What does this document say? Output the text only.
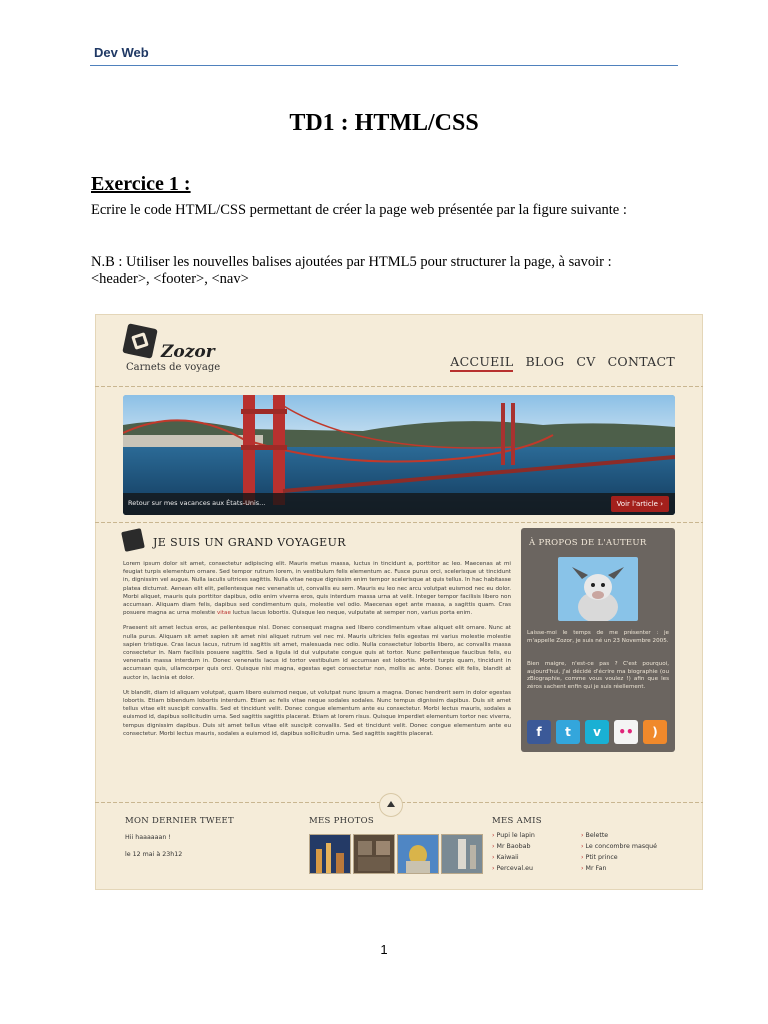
Dev Web
TD1 : HTML/CSS
Exercice 1 :

Ecrire le code HTML/CSS permettant de créer la page web présentée par la figure suivante :

N.B : Utiliser les nouvelles balises ajoutées par HTML5 pour structurer la page, à savoir : <header>, <footer>, <nav>

Zozor
Carnets de voyage	ACCUEIL BLOG CV CONTACT
Retour sur mes vacances aux États-Unis...	Voir l'article ›
JE SUIS UN GRAND VOYAGEUR

Lorem ipsum dolor sit amet, consectetur adipiscing elit. Mauris metus massa, luctus in tincidunt a, porttitor ac leo. Maecenas at mi feugiat turpis elementum ornare. Sed tempor rutrum lorem, in vestibulum felis elementum ac. Fusce purus orci, scelerisque ut tincidunt in, dignissim vel augue. Nulla iaculis ultrices sagittis. Nulla vitae neque dignissim enim tempor scelerisque at quis tellus. In hac habitasse platea dictumst. Aenean elit elit, pellentesque nec venenatis ut, convallis eu sem. Mauris eu leo nec arcu volutpat euismod nec eu dolor. Morbi aliquet, mauris quis porttitor dapibus, odio enim viverra eros, quis interdum massa urna at velit. Integer tempor facilisis libero non accumsan. Aliquam diam felis, dapibus sed condimentum quis, molestie vel odio. Maecenas eget ante massa, a sagittis quam. Cras posuere magna ac urna molestie vitae luctus lacus lobortis. Quisque leo neque, vulputate at semper non, varius porta enim.

Praesent sit amet lectus eros, ac pellentesque nisl. Donec consequat magna sed libero condimentum vitae aliquet elit ornare. Nunc at nulla purus. Aliquam sit amet sapien sit amet nisi aliquet rutrum vel nec mi. Mauris ultricies felis egestas mi varius molestie molestie sapien tristique. Cras lacus lacus, rutrum id sagittis sit amet, malesuada nec odio. Nulla consectetur lobortis libero, ac convallis massa consectetur in. Nam facilisis posuere sagittis. Sed a ligula id dui vulputate congue quis at tortor. Nunc pellentesque faucibus felis, eu venenatis massa interdum in. Donec venenatis lacus id tortor vestibulum id accumsan est lobortis. Morbi turpis quam, tincidunt in accumsan quis, ullamcorper quis orci. Quisque nisi magna, egestas eget consectetur non, mollis ac ante. Donec elit felis, blandit at auctor in, lacinia et dolor.

Ut blandit, diam id aliquam volutpat, quam libero euismod neque, ut volutpat nunc ipsum a magna. Donec hendrerit sem in dolor egestas lobortis. Etiam bibendum lobortis interdum. Etiam ac felis vitae neque sodales sodales. Nunc tempus dignissim dapibus. Duis sit amet tellus vitae elit suscipit convallis. Sed et tincidunt velit. Donec congue elementum ante eu consectetur. Morbi lectus mauris, sodales a euismod id, dapibus sollicitudin urna. Sed sagittis sagittis placerat. Etiam at lorem risus. Quisque imperdiet elementum tortor nec viverra, tempus dignissim dapibus. Duis sit amet tellus vitae elit suscipit convallis. Sed et tincidunt velit. Donec congue elementum ante eu consectetur. Morbi lectus mauris, sodales a euismod id, dapibus sollicitudin urna. Sed sagittis sagittis placerat.

À PROPOS DE L'AUTEUR

Laisse-moi le temps de me présenter : je m'appelle Zozor, je suis né un 23 Novembre 2005.

Bien maigre, n'est-ce pas ? C'est pourquoi, aujourd'hui, j'ai décidé d'écrire ma biographie (ou zBiographie, comme vous voulez !) afin que les zéros sachent enfin qui je suis réellement.

f	t	v	••	)
MON DERNIER TWEET
Hii haaaaaan !
le 12 mai à 23h12
MES PHOTOS	MES AMIS
› Pupi le lapin
› Mr Baobab
› Kaiwaii
› Perceval.eu
› Belette
› Le concombre masqué
› Ptit prince
› Mr Fan
1
